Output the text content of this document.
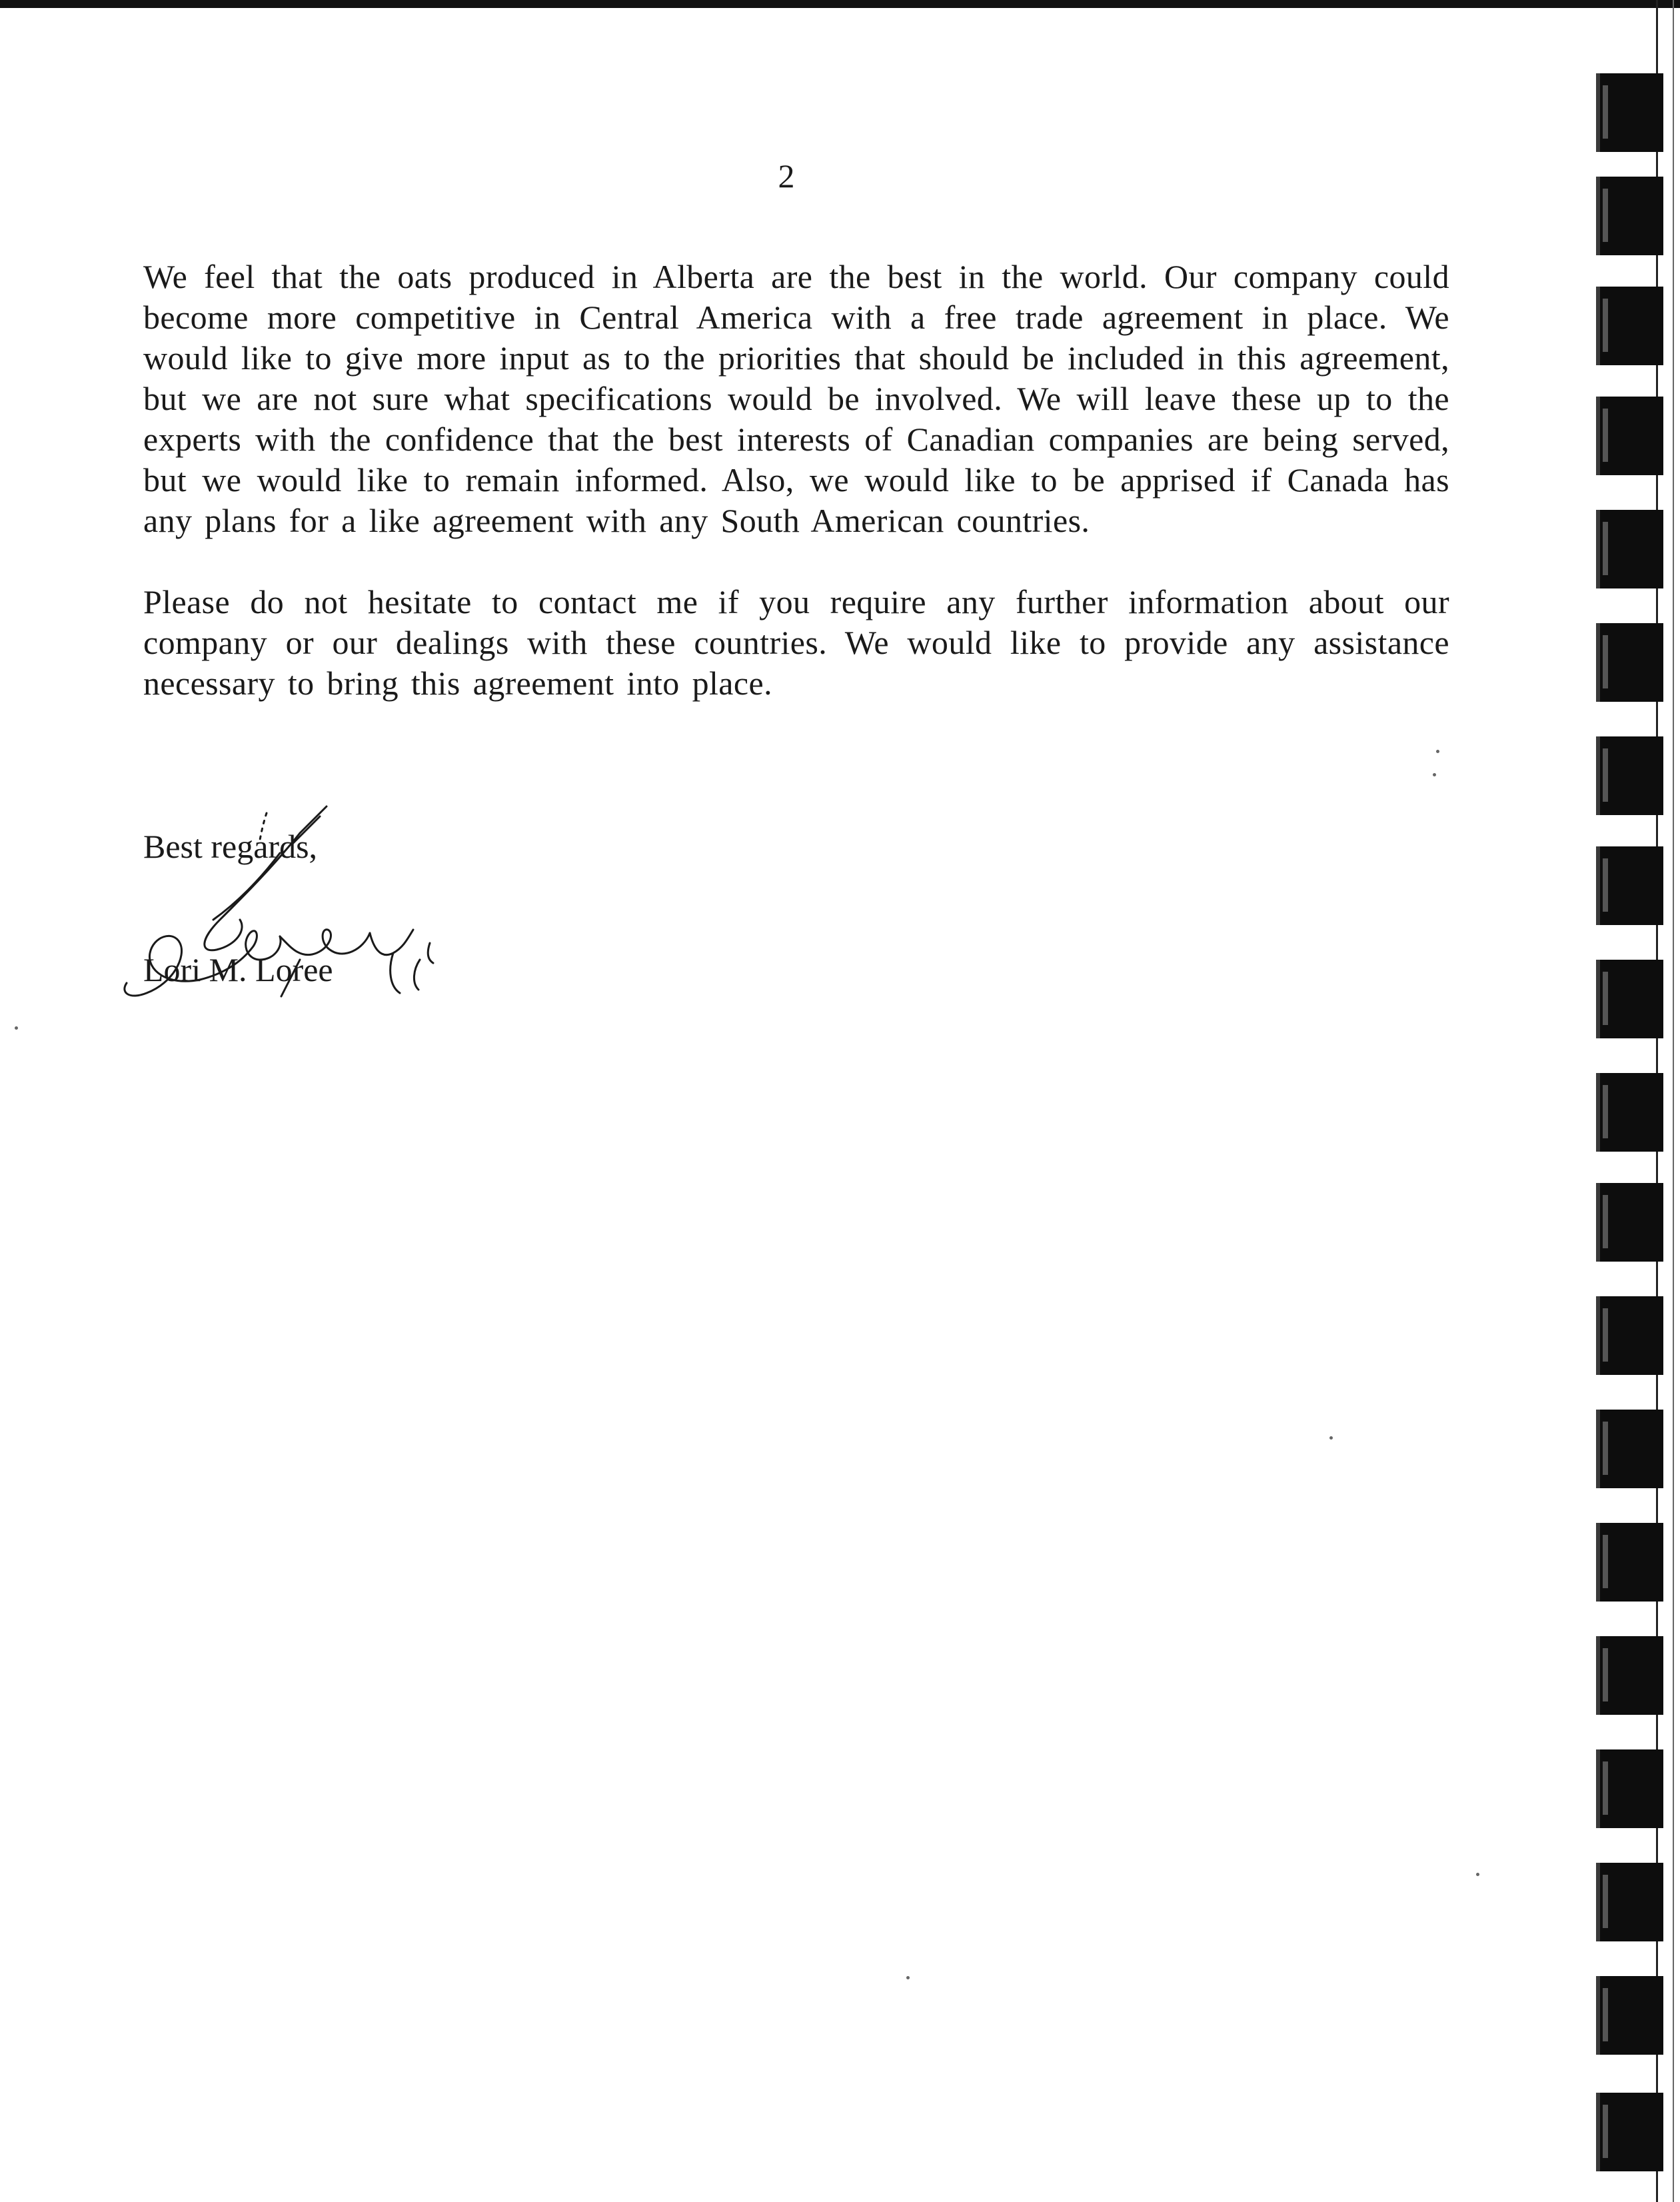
2

We feel that the oats produced in Alberta are the best in the world. Our company could become more competitive in Central America with a free trade agreement in place. We would like to give more input as to the priorities that should be included in this agreement, but we are not sure what specifications would be involved. We will leave these up to the experts with the confidence that the best interests of Canadian companies are being served, but we would like to remain informed. Also, we would like to be apprised if Canada has any plans for a like agreement with any South American countries.

Please do not hesitate to contact me if you require any further information about our company or our dealings with these countries. We would like to provide any assistance necessary to bring this agreement into place.

Best regards,
Lori M. Loree
